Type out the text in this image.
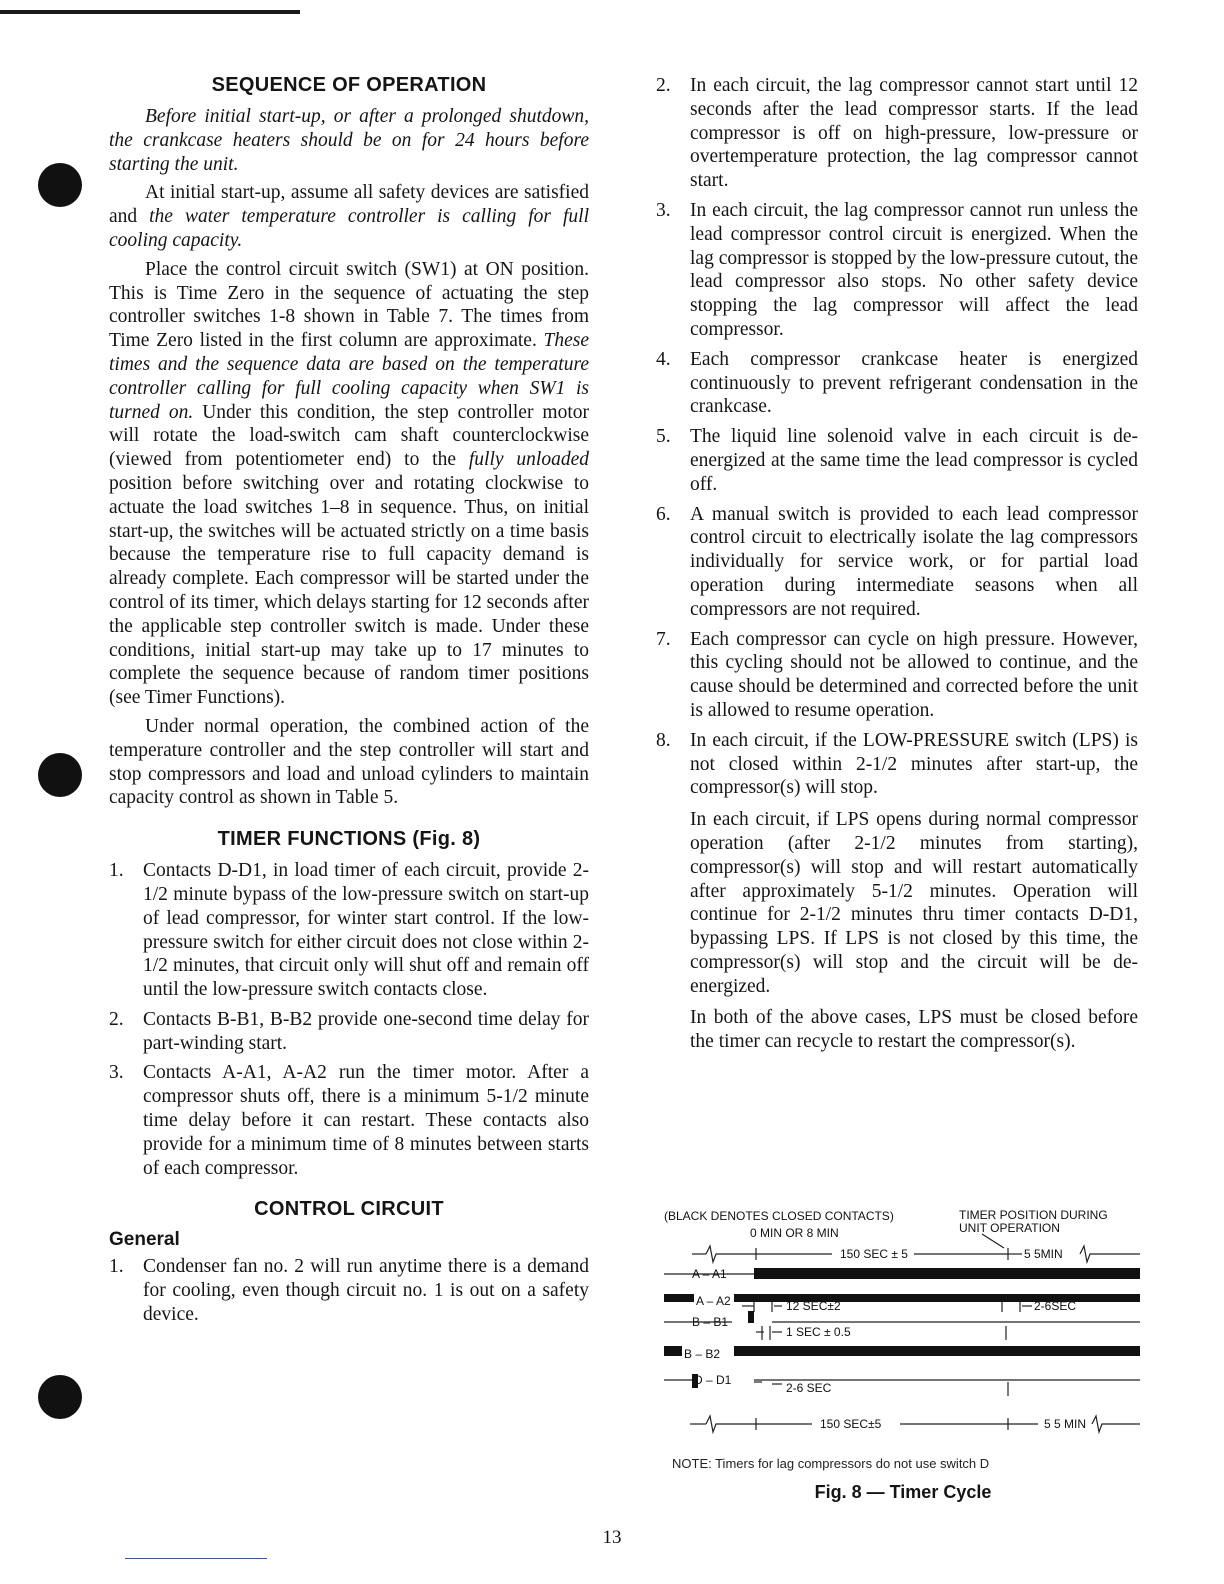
SEQUENCE OF OPERATION

Before initial start-up, or after a prolonged shutdown, the crankcase heaters should be on for 24 hours before starting the unit.

At initial start-up, assume all safety devices are satisfied and the water temperature controller is calling for full cooling capacity.

Place the control circuit switch (SW1) at ON position. This is Time Zero in the sequence of actuating the step controller switches 1-8 shown in Table 7. The times from Time Zero listed in the first column are approximate. These times and the sequence data are based on the temperature controller calling for full cooling capacity when SW1 is turned on. Under this condition, the step controller motor will rotate the load-switch cam shaft counterclockwise (viewed from potentiometer end) to the fully unloaded position before switching over and rotating clockwise to actuate the load switches 1–8 in sequence. Thus, on initial start-up, the switches will be actuated strictly on a time basis because the temperature rise to full capacity demand is already complete. Each compressor will be started under the control of its timer, which delays starting for 12 seconds after the applicable step controller switch is made. Under these conditions, initial start-up may take up to 17 minutes to complete the sequence because of random timer positions (see Timer Functions).

Under normal operation, the combined action of the temperature controller and the step controller will start and stop compressors and load and unload cylinders to maintain capacity control as shown in Table 5.

TIMER FUNCTIONS (Fig. 8)
1. Contacts D-D1, in load timer of each circuit, provide 2-1/2 minute bypass of the low-pressure switch on start-up of lead compressor, for winter start control. If the low-pressure switch for either circuit does not close within 2-1/2 minutes, that circuit only will shut off and remain off until the low-pressure switch contacts close.
2. Contacts B-B1, B-B2 provide one-second time delay for part-winding start.
3. Contacts A-A1, A-A2 run the timer motor. After a compressor shuts off, there is a minimum 5-1/2 minute time delay before it can restart. These contacts also provide for a minimum time of 8 minutes between starts of each compressor.
CONTROL CIRCUIT
General
1. Condenser fan no. 2 will run anytime there is a demand for cooling, even though circuit no. 1 is out on a safety device.
2. In each circuit, the lag compressor cannot start until 12 seconds after the lead compressor starts. If the lead compressor is off on high-pressure, low-pressure or overtemperature protection, the lag compressor cannot start.
3. In each circuit, the lag compressor cannot run unless the lead compressor control circuit is energized. When the lag compressor is stopped by the low-pressure cutout, the lead compressor also stops. No other safety device stopping the lag compressor will affect the lead compressor.
4. Each compressor crankcase heater is energized continuously to prevent refrigerant condensation in the crankcase.
5. The liquid line solenoid valve in each circuit is de-energized at the same time the lead compressor is cycled off.
6. A manual switch is provided to each lead compressor control circuit to electrically isolate the lag compressors individually for service work, or for partial load operation during intermediate seasons when all compressors are not required.
7. Each compressor can cycle on high pressure. However, this cycling should not be allowed to continue, and the cause should be determined and corrected before the unit is allowed to resume operation.
8. In each circuit, if the LOW-PRESSURE switch (LPS) is not closed within 2-1/2 minutes after start-up, the compressor(s) will stop.

In each circuit, if LPS opens during normal compressor operation (after 2-1/2 minutes from starting), compressor(s) will stop and will restart automatically after approximately 5-1/2 minutes. Operation will continue for 2-1/2 minutes thru timer contacts D-D1, bypassing LPS. If LPS is not closed by this time, the compressor(s) will stop and the circuit will be de-energized.

In both of the above cases, LPS must be closed before the timer can recycle to restart the compressor(s).

(BLACK DENOTES CLOSED CONTACTS)
0 MIN OR 8 MIN
TIMER POSITION DURING
UNIT OPERATION
150 SEC ± 5	5 5MIN
A – A1
A – A2	12 SEC±2	2-6SEC
B – B1
1 SEC ± 0.5
B – B2
D – D1
2-6 SEC
150 SEC±5	5 5 MIN
NOTE: Timers for lag compressors do not use switch D
Fig. 8 — Timer Cycle
13
